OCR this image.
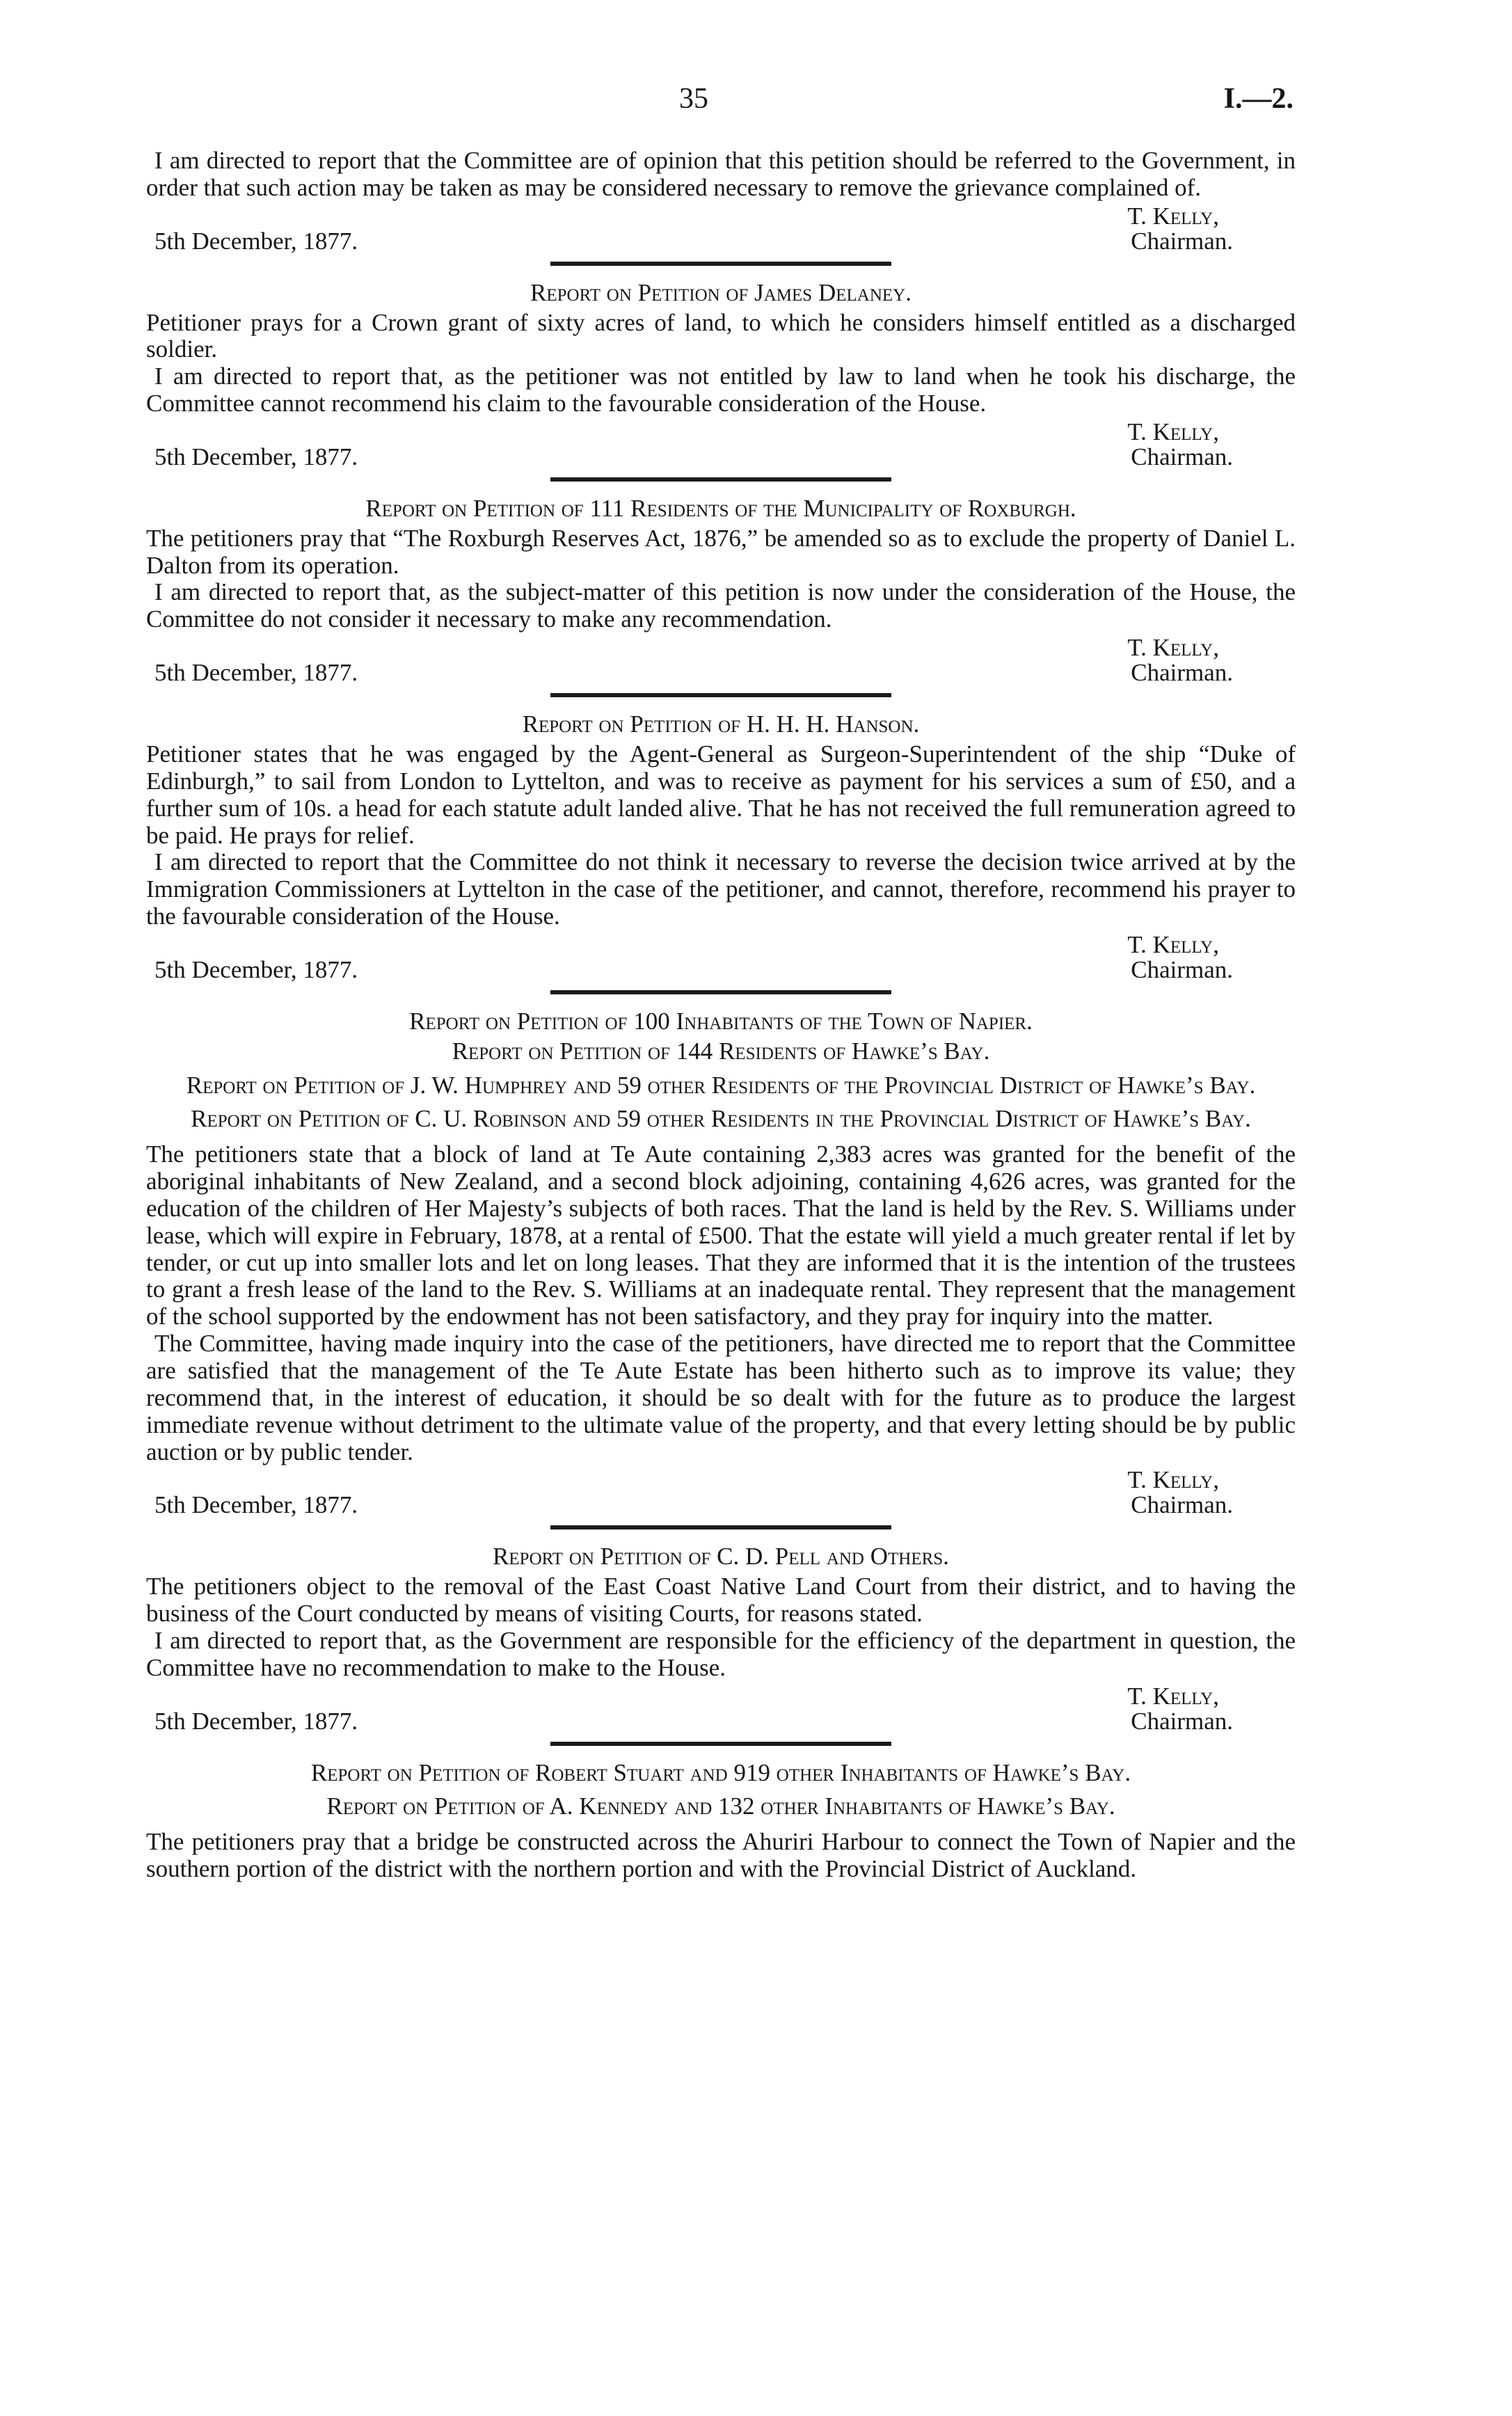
35	I.—2.

I am directed to report that the Committee are of opinion that this petition should be referred to the Government, in order that such action may be taken as may be considered necessary to remove the grievance complained of.

T. Kelly,
Chairman.
5th December, 1877.

Report on Petition of James Delaney.

Petitioner prays for a Crown grant of sixty acres of land, to which he considers himself entitled as a discharged soldier.

I am directed to report that, as the petitioner was not entitled by law to land when he took his discharge, the Committee cannot recommend his claim to the favourable consideration of the House.

T. Kelly,
Chairman.
5th December, 1877.

Report on Petition of 111 Residents of the Municipality of Roxburgh.

The petitioners pray that “The Roxburgh Reserves Act, 1876,” be amended so as to exclude the property of Daniel L. Dalton from its operation.

I am directed to report that, as the subject-matter of this petition is now under the consideration of the House, the Committee do not consider it necessary to make any recommendation.

T. Kelly,
Chairman.
5th December, 1877.

Report on Petition of H. H. H. Hanson.

Petitioner states that he was engaged by the Agent-General as Surgeon-Superintendent of the ship “Duke of Edinburgh,” to sail from London to Lyttelton, and was to receive as payment for his services a sum of £50, and a further sum of 10s. a head for each statute adult landed alive. That he has not received the full remuneration agreed to be paid. He prays for relief.

I am directed to report that the Committee do not think it necessary to reverse the decision twice arrived at by the Immigration Commissioners at Lyttelton in the case of the petitioner, and cannot, therefore, recommend his prayer to the favourable consideration of the House.

T. Kelly,
Chairman.
5th December, 1877.

Report on Petition of 100 Inhabitants of the Town of Napier.

Report on Petition of 144 Residents of Hawke’s Bay.

Report on Petition of J. W. Humphrey and 59 other Residents of the Provincial District of Hawke’s Bay.

Report on Petition of C. U. Robinson and 59 other Residents in the Provincial District of Hawke’s Bay.

The petitioners state that a block of land at Te Aute containing 2,383 acres was granted for the benefit of the aboriginal inhabitants of New Zealand, and a second block adjoining, containing 4,626 acres, was granted for the education of the children of Her Majesty’s subjects of both races. That the land is held by the Rev. S. Williams under lease, which will expire in February, 1878, at a rental of £500. That the estate will yield a much greater rental if let by tender, or cut up into smaller lots and let on long leases. That they are informed that it is the intention of the trustees to grant a fresh lease of the land to the Rev. S. Williams at an inadequate rental. They represent that the management of the school supported by the endowment has not been satisfactory, and they pray for inquiry into the matter.

The Committee, having made inquiry into the case of the petitioners, have directed me to report that the Committee are satisfied that the management of the Te Aute Estate has been hitherto such as to improve its value; they recommend that, in the interest of education, it should be so dealt with for the future as to produce the largest immediate revenue without detriment to the ultimate value of the property, and that every letting should be by public auction or by public tender.

T. Kelly,
Chairman.
5th December, 1877.

Report on Petition of C. D. Pell and Others.

The petitioners object to the removal of the East Coast Native Land Court from their district, and to having the business of the Court conducted by means of visiting Courts, for reasons stated.

I am directed to report that, as the Government are responsible for the efficiency of the department in question, the Committee have no recommendation to make to the House.

T. Kelly,
Chairman.
5th December, 1877.

Report on Petition of Robert Stuart and 919 other Inhabitants of Hawke’s Bay.

Report on Petition of A. Kennedy and 132 other Inhabitants of Hawke’s Bay.

The petitioners pray that a bridge be constructed across the Ahuriri Harbour to connect the Town of Napier and the southern portion of the district with the northern portion and with the Provincial District of Auckland.
